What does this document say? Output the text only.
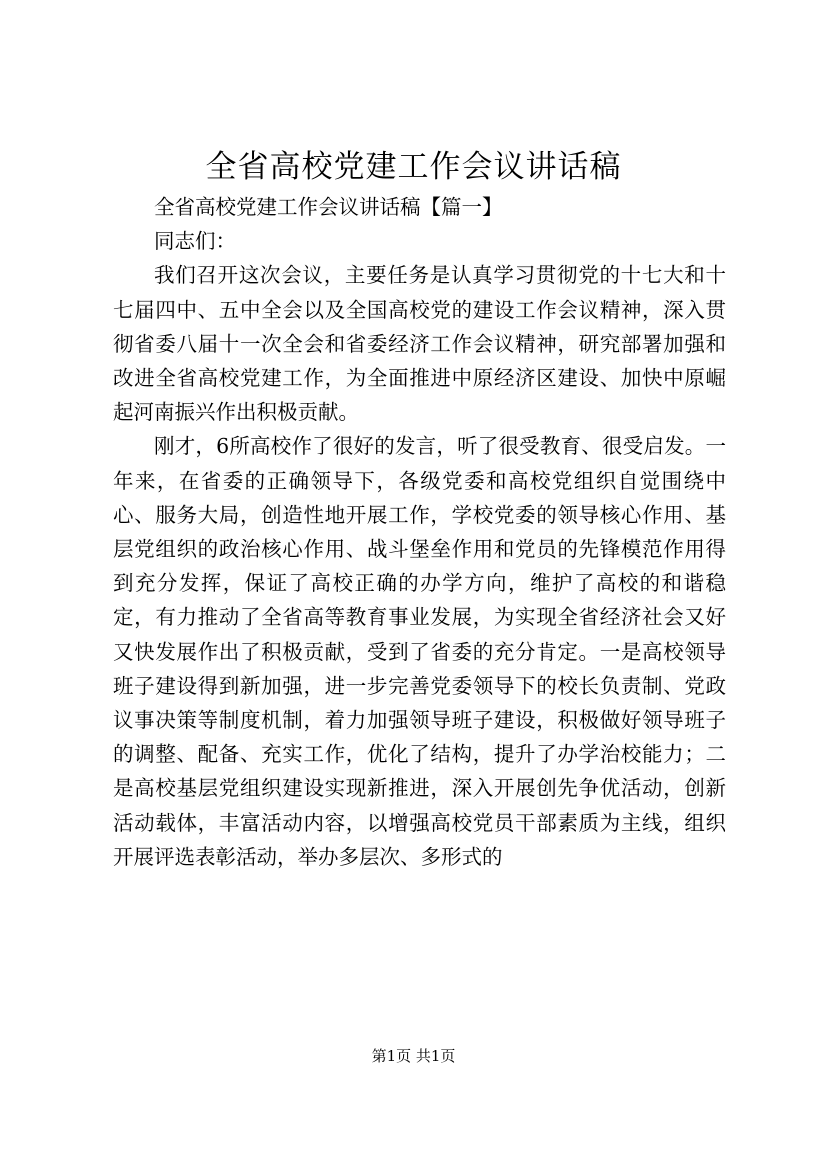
全省高校党建工作会议讲话稿

全省高校党建工作会议讲话稿【篇一】

同志们：

我们召开这次会议，主要任务是认真学习贯彻党的十七大和十七届四中、五中全会以及全国高校党的建设工作会议精神，深入贯彻省委八届十一次全会和省委经济工作会议精神，研究部署加强和改进全省高校党建工作，为全面推进中原经济区建设、加快中原崛起河南振兴作出积极贡献。

刚才，6所高校作了很好的发言，听了很受教育、很受启发。一年来，在省委的正确领导下，各级党委和高校党组织自觉围绕中心、服务大局，创造性地开展工作，学校党委的领导核心作用、基层党组织的政治核心作用、战斗堡垒作用和党员的先锋模范作用得到充分发挥，保证了高校正确的办学方向，维护了高校的和谐稳定，有力推动了全省高等教育事业发展，为实现全省经济社会又好又快发展作出了积极贡献，受到了省委的充分肯定。一是高校领导班子建设得到新加强，进一步完善党委领导下的校长负责制、党政议事决策等制度机制，着力加强领导班子建设，积极做好领导班子的调整、配备、充实工作，优化了结构，提升了办学治校能力；二是高校基层党组织建设实现新推进，深入开展创先争优活动，创新活动载体，丰富活动内容，以增强高校党员干部素质为主线，组织开展评选表彰活动，举办多层次、多形式的

第1页 共1页
